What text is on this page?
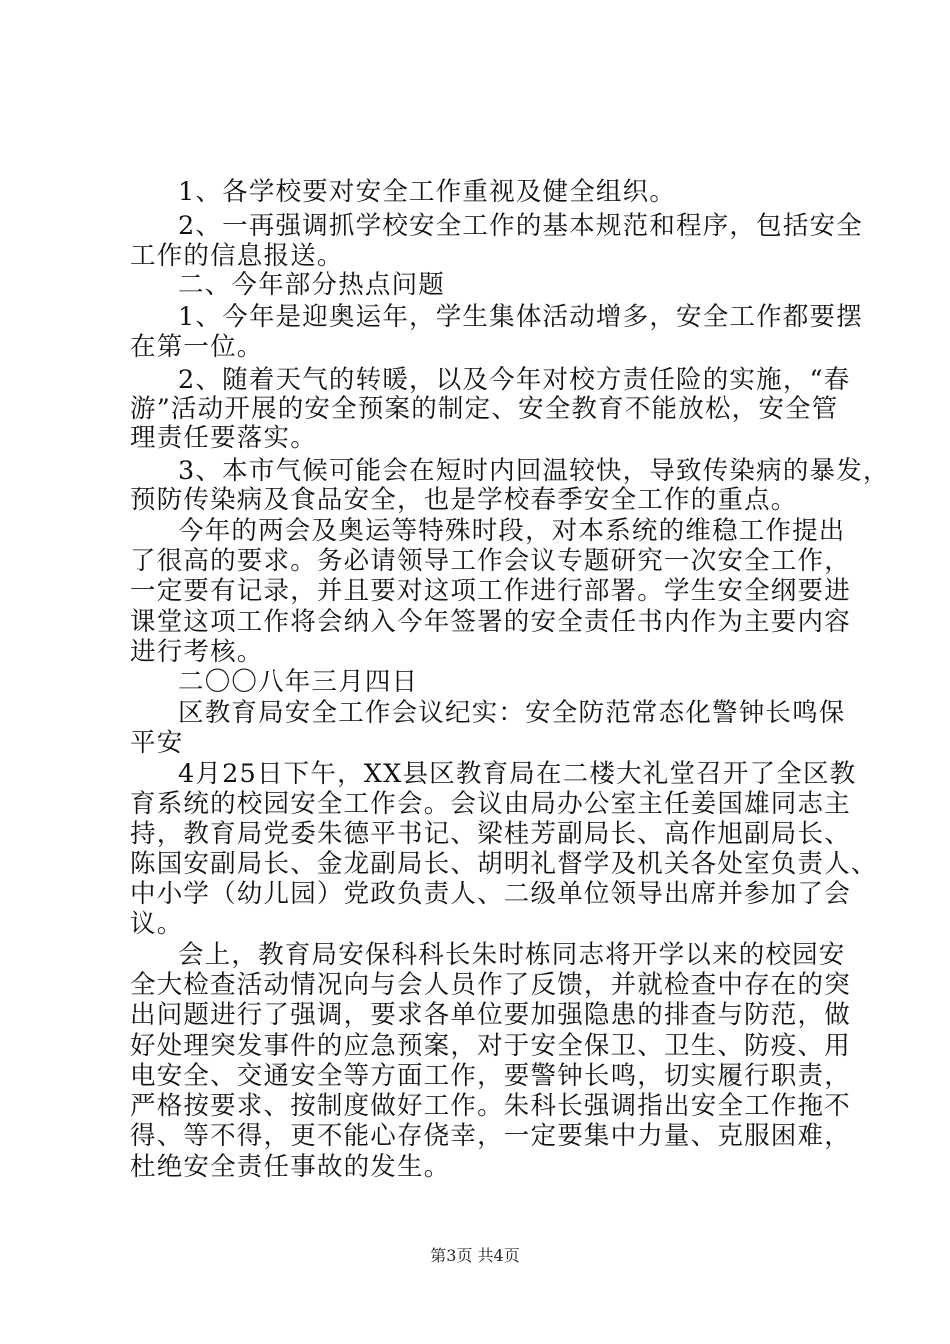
1、各学校要对安全工作重视及健全组织。
2、一再强调抓学校安全工作的基本规范和程序，包括安全
工作的信息报送。
二、今年部分热点问题
1、今年是迎奥运年，学生集体活动增多，安全工作都要摆
在第一位。
2、随着天气的转暖，以及今年对校方责任险的实施，“春
游”活动开展的安全预案的制定、安全教育不能放松，安全管
理责任要落实。
3、本市气候可能会在短时内回温较快，导致传染病的暴发，
预防传染病及食品安全，也是学校春季安全工作的重点。
今年的两会及奥运等特殊时段，对本系统的维稳工作提出
了很高的要求。务必请领导工作会议专题研究一次安全工作，
一定要有记录，并且要对这项工作进行部署。学生安全纲要进
课堂这项工作将会纳入今年签署的安全责任书内作为主要内容
进行考核。
二〇〇八年三月四日
区教育局安全工作会议纪实：安全防范常态化警钟长鸣保
平安
4月25日下午，XX县区教育局在二楼大礼堂召开了全区教
育系统的校园安全工作会。会议由局办公室主任姜国雄同志主
持，教育局党委朱德平书记、梁桂芳副局长、高作旭副局长、
陈国安副局长、金龙副局长、胡明礼督学及机关各处室负责人、
中小学（幼儿园）党政负责人、二级单位领导出席并参加了会
议。
会上，教育局安保科科长朱时栋同志将开学以来的校园安
全大检查活动情况向与会人员作了反馈，并就检查中存在的突
出问题进行了强调，要求各单位要加强隐患的排查与防范，做
好处理突发事件的应急预案，对于安全保卫、卫生、防疫、用
电安全、交通安全等方面工作，要警钟长鸣，切实履行职责，
严格按要求、按制度做好工作。朱科长强调指出安全工作拖不
得、等不得，更不能心存侥幸，一定要集中力量、克服困难，
杜绝安全责任事故的发生。
第3页 共4页
